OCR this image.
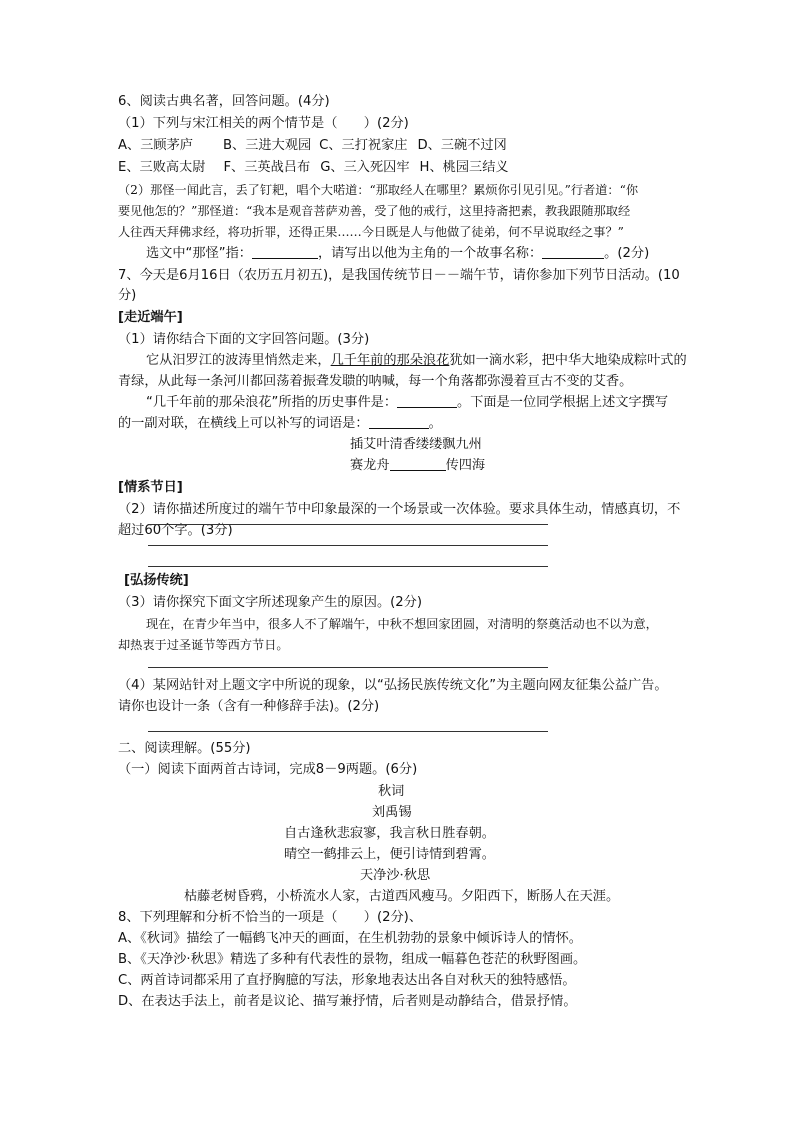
6、阅读古典名著，回答问题。(4分)
（1）下列与宋江相关的两个情节是（　　）(2分)
A、三顾茅庐 B、三进大观园 C、三打祝家庄 D、三碗不过冈
E、三败高太尉 F、三英战吕布 G、三入死囚牢 H、桃园三结义
（2）那怪一闻此言，丢了钉耙，唱个大喏道：“那取经人在哪里？累烦你引见引见。”行者道：“你
要见他怎的？”那怪道：“我本是观音菩萨劝善，受了他的戒行，这里持斋把素，教我跟随那取经
人往西天拜佛求经，将功折罪，还得正果……今日既是人与他做了徒弟，何不早说取经之事？”
选文中“那怪”指：	，请写出以他为主角的一个故事名称：	。(2分)
7、今天是6月16日（农历五月初五)，是我国传统节日－－端午节，请你参加下列节日活动。(10
分)
[走近端午]
（1）请你结合下面的文字回答问题。(3分)
它从汨罗江的波涛里悄然走来，几千年前的那朵浪花犹如一滴水彩，把中华大地染成粽叶式的
青绿，从此每一条河川都回荡着振聋发聩的呐喊，每一个角落都弥漫着亘古不变的艾香。
“几千年前的那朵浪花”所指的历史事件是：	。下面是一位同学根据上述文字撰写
的一副对联，在横线上可以补写的词语是：	。
插艾叶清香缕缕飘九州
赛龙舟	传四海
[情系节日]
（2）请你描述所度过的端午节中印象最深的一个场景或一次体验。要求具体生动，情感真切，不
超过60个字。(3分)
[弘扬传统]
（3）请你探究下面文字所述现象产生的原因。(2分)
现在，在青少年当中，很多人不了解端午，中秋不想回家团圆，对清明的祭奠活动也不以为意，
却热衷于过圣诞节等西方节日。
（4）某网站针对上题文字中所说的现象，以“弘扬民族传统文化”为主题向网友征集公益广告。
请你也设计一条（含有一种修辞手法)。(2分)
二、阅读理解。(55分)
（一）阅读下面两首古诗词，完成8－9两题。(6分)
秋词
刘禹锡
自古逢秋悲寂寥，我言秋日胜春朝。
晴空一鹤排云上，便引诗情到碧霄。
天净沙·秋思
枯藤老树昏鸦，小桥流水人家，古道西风瘦马。夕阳西下，断肠人在天涯。
8、下列理解和分析不恰当的一项是（　　）(2分)、
A、《秋词》描绘了一幅鹤飞冲天的画面，在生机勃勃的景象中倾诉诗人的情怀。
B、《天净沙·秋思》精选了多种有代表性的景物，组成一幅暮色苍茫的秋野图画。
C、两首诗词都采用了直抒胸臆的写法，形象地表达出各自对秋天的独特感悟。
D、在表达手法上，前者是议论、描写兼抒情，后者则是动静结合，借景抒情。
